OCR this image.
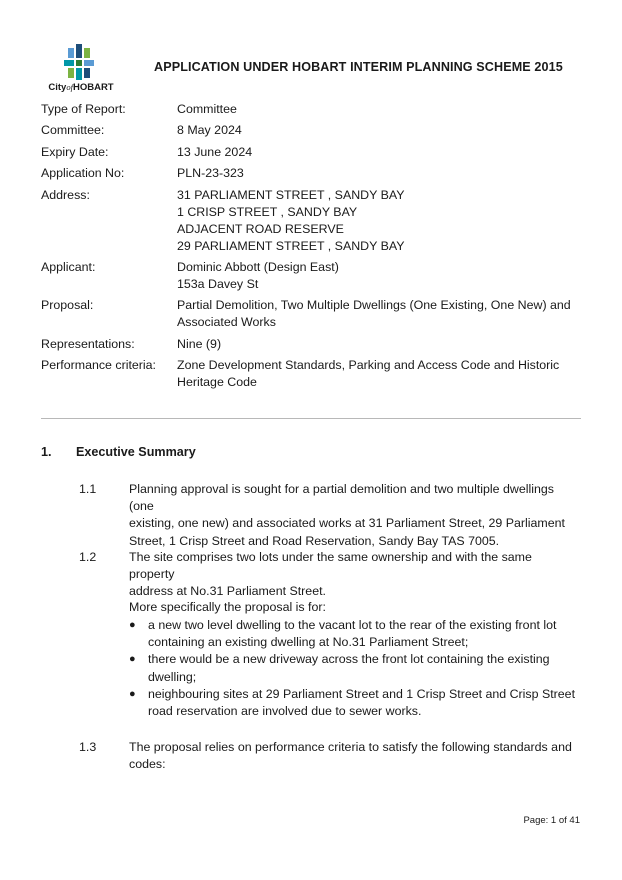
CityofHOBART
APPLICATION UNDER HOBART INTERIM PLANNING SCHEME 2015
Type of Report:	Committee
Committee:	8 May 2024
Expiry Date:	13 June 2024
Application No:	PLN-23-323
Address:	31 PARLIAMENT STREET , SANDY BAY
1 CRISP STREET , SANDY BAY
ADJACENT ROAD RESERVE
29 PARLIAMENT STREET , SANDY BAY
Applicant:	Dominic Abbott (Design East)
153a Davey St
Proposal:	Partial Demolition, Two Multiple Dwellings (One Existing, One New) and
Associated Works
Representations:	Nine (9)
Performance criteria:	Zone Development Standards, Parking and Access Code and Historic
Heritage Code
1. Executive Summary
1.1	Planning approval is sought for a partial demolition and two multiple dwellings (one
existing, one new) and associated works at 31 Parliament Street, 29 Parliament
Street, 1 Crisp Street and Road Reservation, Sandy Bay TAS 7005.
1.2	The site comprises two lots under the same ownership and with the same property
address at No.31 Parliament Street.
More specifically the proposal is for:
● a new two level dwelling to the vacant lot to the rear of the existing front lot
containing an existing dwelling at No.31 Parliament Street;
● there would be a new driveway across the front lot containing the existing
dwelling;
● neighbouring sites at 29 Parliament Street and 1 Crisp Street and Crisp Street
road reservation are involved due to sewer works.
1.3	The proposal relies on performance criteria to satisfy the following standards and
codes:
Page: 1 of 41
